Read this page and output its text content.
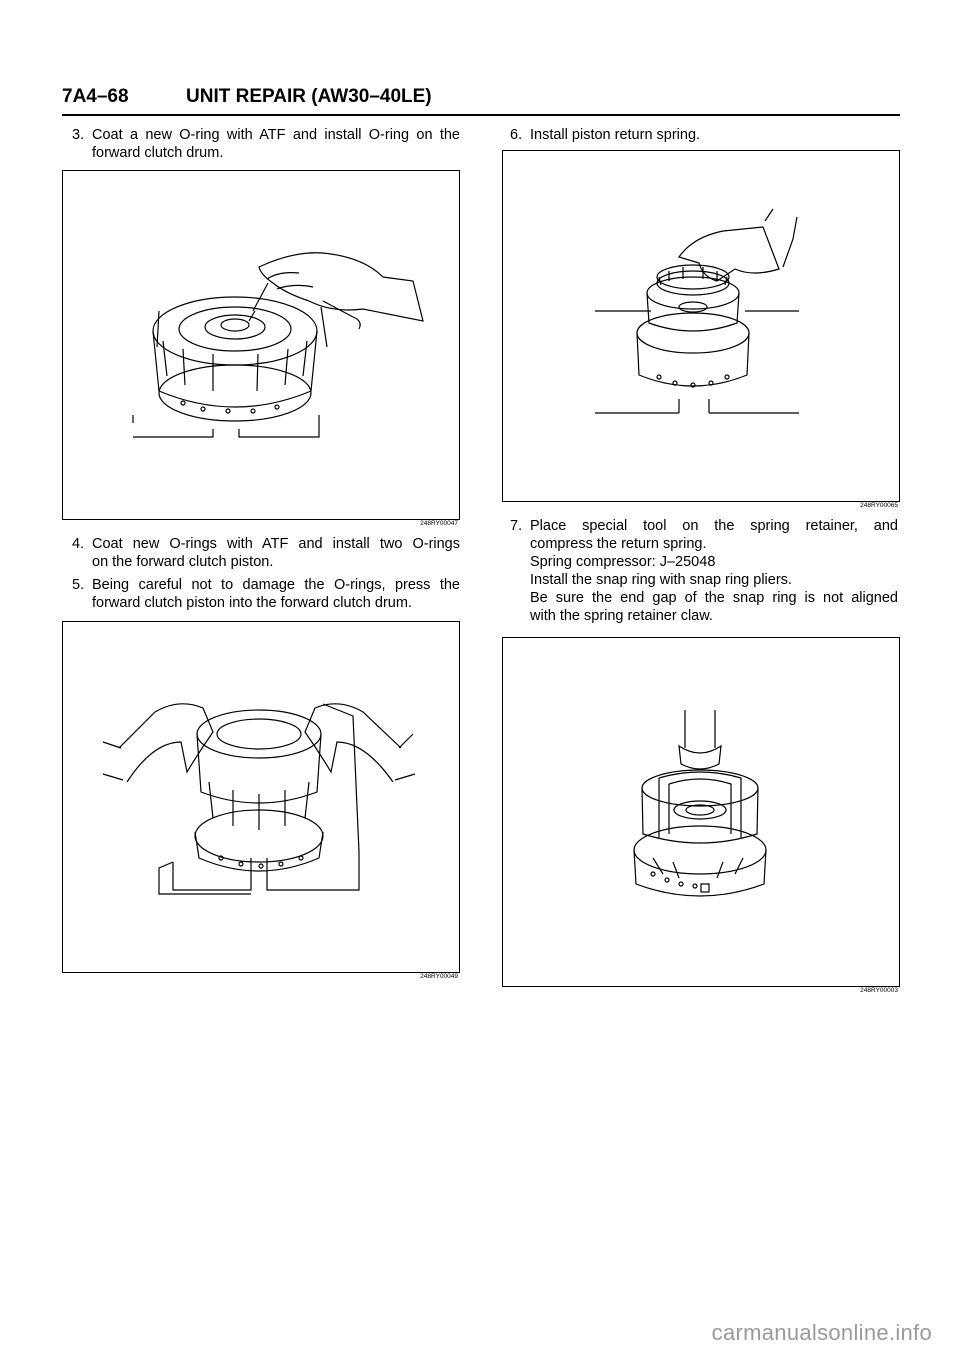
7A4–68	UNIT REPAIR (AW30–40LE)
3. Coat a new O-ring with ATF and install O-ring on the

forward clutch drum.

248RY00047
4. Coat new O-rings with ATF and install two O-rings

on the forward clutch piston.

5. Being careful not to damage the O-rings, press the

forward clutch piston into the forward clutch drum.

248RY00049
6. Install piston return spring.

248RY00065
7. Place special tool on the spring retainer, and

compress the return spring.

Spring compressor: J–25048

Install the snap ring with snap ring pliers.

Be sure the end gap of the snap ring is not aligned

with the spring retainer claw.

248RY00003
carmanualsonline.info
